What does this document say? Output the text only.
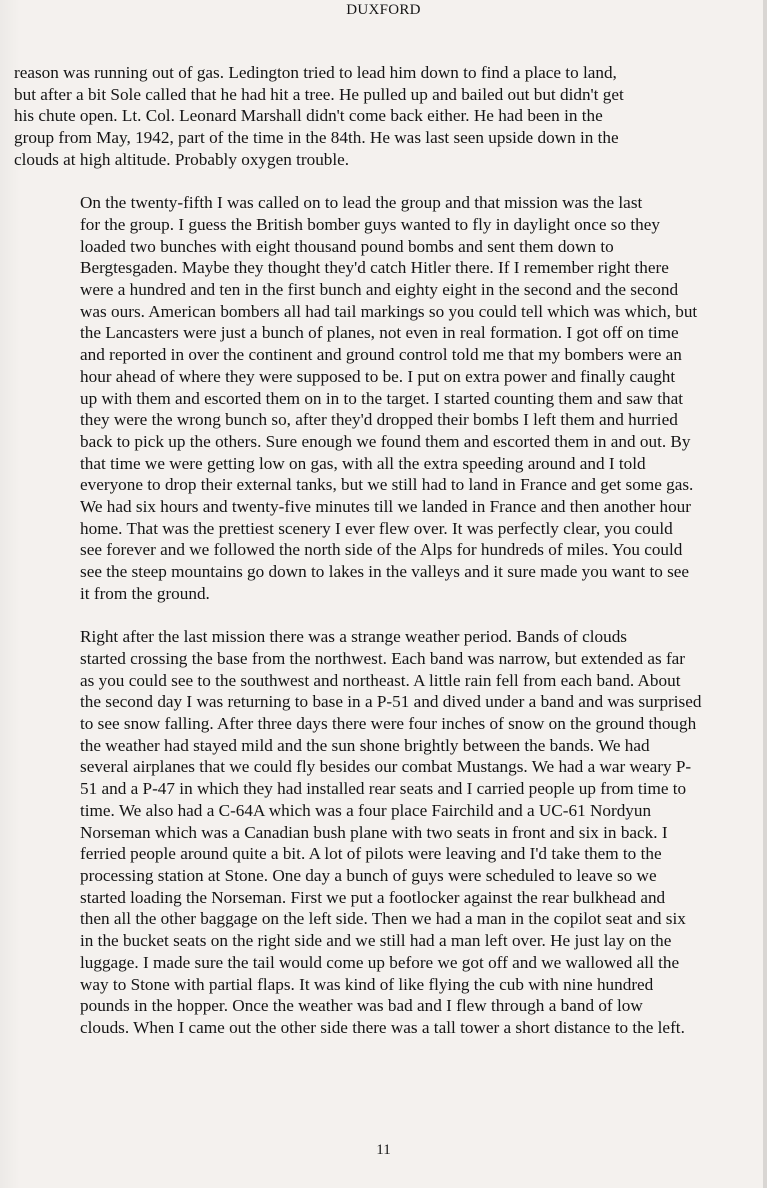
DUXFORD

reason was running out of gas. Ledington tried to lead him down to find a place to land,
but after a bit Sole called that he had hit a tree. He pulled up and bailed out but didn't get
his chute open. Lt. Col. Leonard Marshall didn't come back either. He had been in the
group from May, 1942, part of the time in the 84th. He was last seen upside down in the
clouds at high altitude. Probably oxygen trouble.

On the twenty-fifth I was called on to lead the group and that mission was the last
for the group. I guess the British bomber guys wanted to fly in daylight once so they
loaded two bunches with eight thousand pound bombs and sent them down to
Bergtesgaden. Maybe they thought they'd catch Hitler there. If I remember right there
were a hundred and ten in the first bunch and eighty eight in the second and the second
was ours. American bombers all had tail markings so you could tell which was which, but
the Lancasters were just a bunch of planes, not even in real formation. I got off on time
and reported in over the continent and ground control told me that my bombers were an
hour ahead of where they were supposed to be. I put on extra power and finally caught
up with them and escorted them on in to the target. I started counting them and saw that
they were the wrong bunch so, after they'd dropped their bombs I left them and hurried
back to pick up the others. Sure enough we found them and escorted them in and out. By
that time we were getting low on gas, with all the extra speeding around and I told
everyone to drop their external tanks, but we still had to land in France and get some gas.
We had six hours and twenty-five minutes till we landed in France and then another hour
home. That was the prettiest scenery I ever flew over. It was perfectly clear, you could
see forever and we followed the north side of the Alps for hundreds of miles. You could
see the steep mountains go down to lakes in the valleys and it sure made you want to see
it from the ground.

Right after the last mission there was a strange weather period. Bands of clouds
started crossing the base from the northwest. Each band was narrow, but extended as far
as you could see to the southwest and northeast. A little rain fell from each band. About
the second day I was returning to base in a P-51 and dived under a band and was surprised
to see snow falling. After three days there were four inches of snow on the ground though
the weather had stayed mild and the sun shone brightly between the bands. We had
several airplanes that we could fly besides our combat Mustangs. We had a war weary P-
51 and a P-47 in which they had installed rear seats and I carried people up from time to
time. We also had a C-64A which was a four place Fairchild and a UC-61 Nordyun
Norseman which was a Canadian bush plane with two seats in front and six in back. I
ferried people around quite a bit. A lot of pilots were leaving and I'd take them to the
processing station at Stone. One day a bunch of guys were scheduled to leave so we
started loading the Norseman. First we put a footlocker against the rear bulkhead and
then all the other baggage on the left side. Then we had a man in the copilot seat and six
in the bucket seats on the right side and we still had a man left over. He just lay on the
luggage. I made sure the tail would come up before we got off and we wallowed all the
way to Stone with partial flaps. It was kind of like flying the cub with nine hundred
pounds in the hopper. Once the weather was bad and I flew through a band of low
clouds. When I came out the other side there was a tall tower a short distance to the left.

11
